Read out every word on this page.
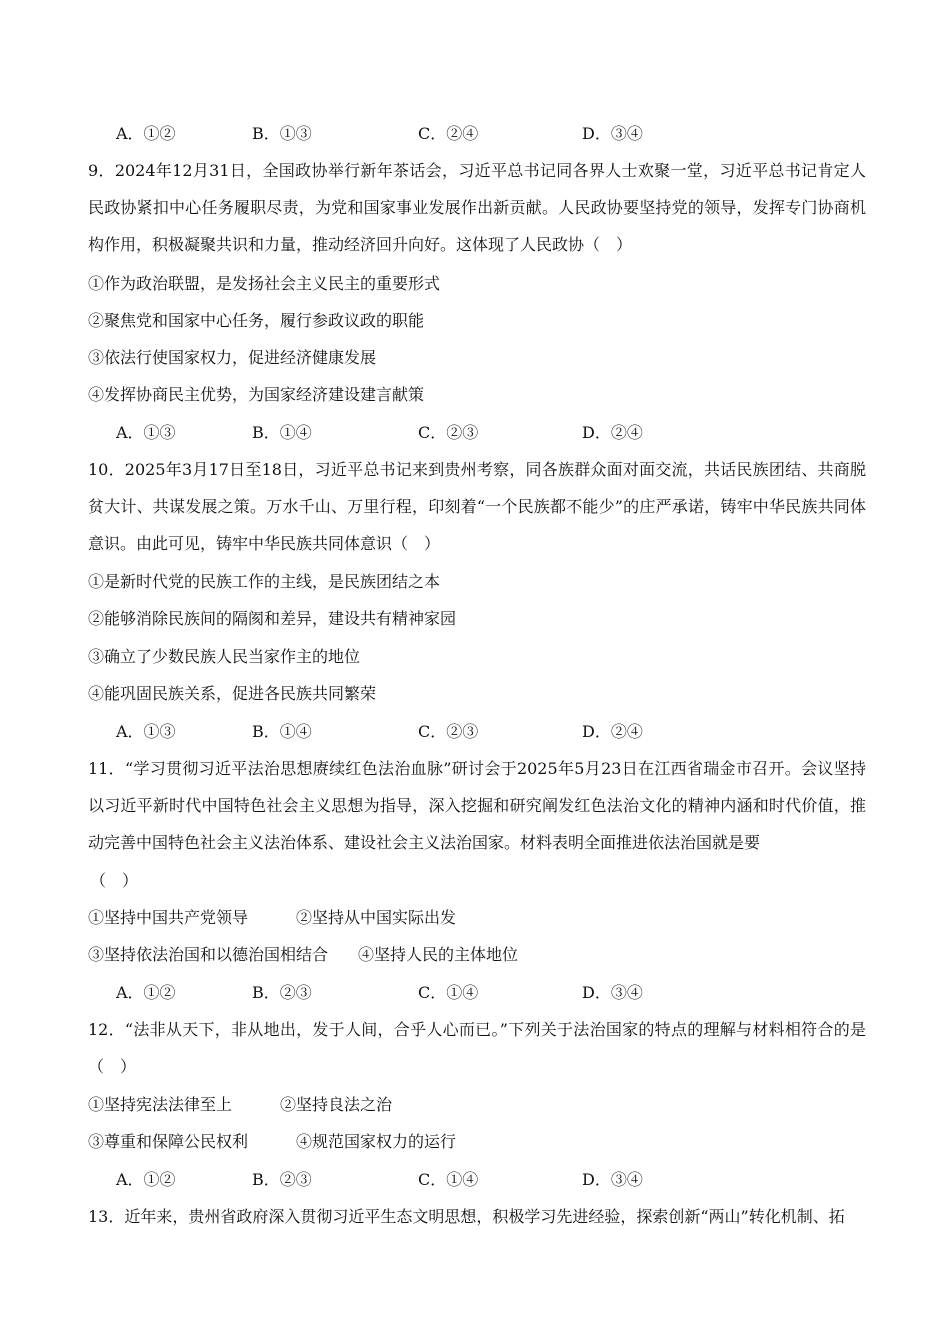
A．①②	B．①③	C．②④	D．③④
9．2024年12月31日，全国政协举行新年茶话会，习近平总书记同各界人士欢聚一堂，习近平总书记肯定人民政协紧扣中心任务履职尽责，为党和国家事业发展作出新贡献。人民政协要坚持党的领导，发挥专门协商机构作用，积极凝聚共识和力量，推动经济回升向好。这体现了人民政协（　）
①作为政治联盟，是发扬社会主义民主的重要形式
②聚焦党和国家中心任务，履行参政议政的职能
③依法行使国家权力，促进经济健康发展
④发挥协商民主优势，为国家经济建设建言献策
A．①③	B．①④	C．②③	D．②④
10．2025年3月17日至18日，习近平总书记来到贵州考察，同各族群众面对面交流，共话民族团结、共商脱贫大计、共谋发展之策。万水千山、万里行程，印刻着“一个民族都不能少”的庄严承诺，铸牢中华民族共同体意识。由此可见，铸牢中华民族共同体意识（　）
①是新时代党的民族工作的主线，是民族团结之本
②能够消除民族间的隔阂和差异，建设共有精神家园
③确立了少数民族人民当家作主的地位
④能巩固民族关系，促进各民族共同繁荣
A．①③	B．①④	C．②③	D．②④
11．“学习贯彻习近平法治思想赓续红色法治血脉”研讨会于2025年5月23日在江西省瑞金市召开。会议坚持以习近平新时代中国特色社会主义思想为指导，深入挖掘和研究阐发红色法治文化的精神内涵和时代价值，推动完善中国特色社会主义法治体系、建设社会主义法治国家。材料表明全面推进依法治国就是要
（　）
①坚持中国共产党领导	②坚持从中国实际出发
③坚持依法治国和以德治国相结合 ④坚持人民的主体地位
A．①②	B．②③	C．①④	D．③④
12．“法非从天下，非从地出，发于人间，合乎人心而已。”下列关于法治国家的特点的理解与材料相符合的是（　）
①坚持宪法法律至上	②坚持良法之治
③尊重和保障公民权利	④规范国家权力的运行
A．①②	B．②③	C．①④	D．③④
13．近年来，贵州省政府深入贯彻习近平生态文明思想，积极学习先进经验，探索创新“两山”转化机制、拓
